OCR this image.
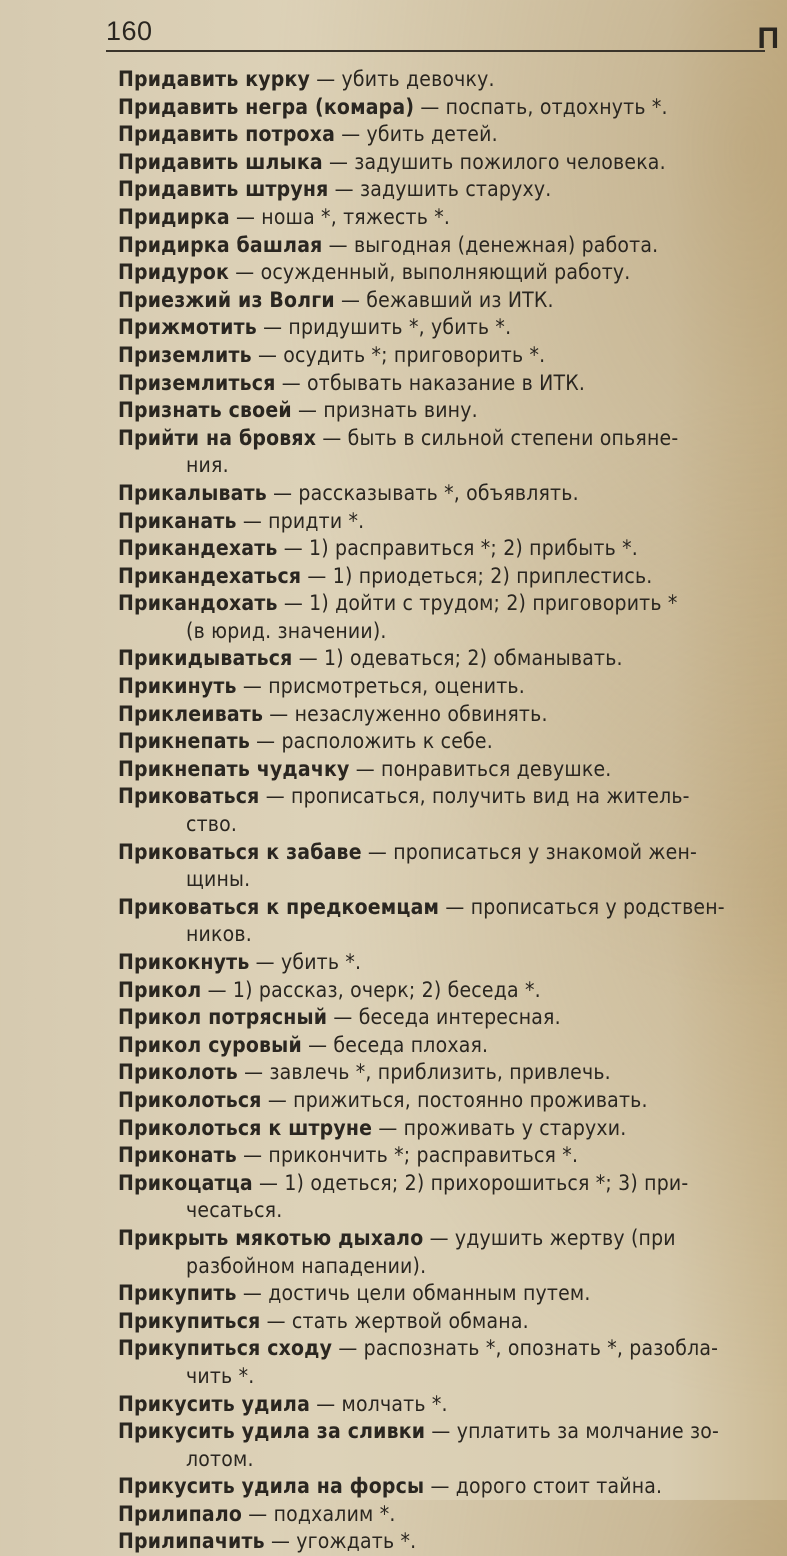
160	П
Придавить курку — убить девочку.
Придавить негра (комара) — поспать, отдохнуть *.
Придавить потроха — убить детей.
Придавить шлыка — задушить пожилого человека.
Придавить штруня — задушить старуху.
Придирка — ноша *, тяжесть *.
Придирка башлая — выгодная (денежная) работа.
Придурок — осужденный, выполняющий работу.
Приезжий из Волги — бежавший из ИТК.
Прижмотить — придушить *, убить *.
Приземлить — осудить *; приговорить *.
Приземлиться — отбывать наказание в ИТК.
Признать своей — признать вину.
Прийти на бровях — быть в сильной степени опьяне-
ния.
Прикалывать — рассказывать *, объявлять.
Приканать — придти *.
Прикандехать — 1) расправиться *; 2) прибыть *.
Прикандехаться — 1) приодеться; 2) приплестись.
Прикандохать — 1) дойти с трудом; 2) приговорить *
(в юрид. значении).
Прикидываться — 1) одеваться; 2) обманывать.
Прикинуть — присмотреться, оценить.
Приклеивать — незаслуженно обвинять.
Прикнепать — расположить к себе.
Прикнепать чудачку — понравиться девушке.
Приковаться — прописаться, получить вид на житель-
ство.
Приковаться к забаве — прописаться у знакомой жен-
щины.
Приковаться к предкоемцам — прописаться у родствен-
ников.
Прикокнуть — убить *.
Прикол — 1) рассказ, очерк; 2) беседа *.
Прикол потрясный — беседа интересная.
Прикол суровый — беседа плохая.
Приколоть — завлечь *, приблизить, привлечь.
Приколоться — прижиться, постоянно проживать.
Приколоться к штруне — проживать у старухи.
Приконать — прикончить *; расправиться *.
Прикоцатца — 1) одеться; 2) прихорошиться *; 3) при-
чесаться.
Прикрыть мякотью дыхало — удушить жертву (при
разбойном нападении).
Прикупить — достичь цели обманным путем.
Прикупиться — стать жертвой обмана.
Прикупиться сходу — распознать *, опознать *, разобла-
чить *.
Прикусить удила — молчать *.
Прикусить удила за сливки — уплатить за молчание зо-
лотом.
Прикусить удила на форсы — дорого стоит тайна.
Прилипало — подхалим *.
Прилипачить — угождать *.
